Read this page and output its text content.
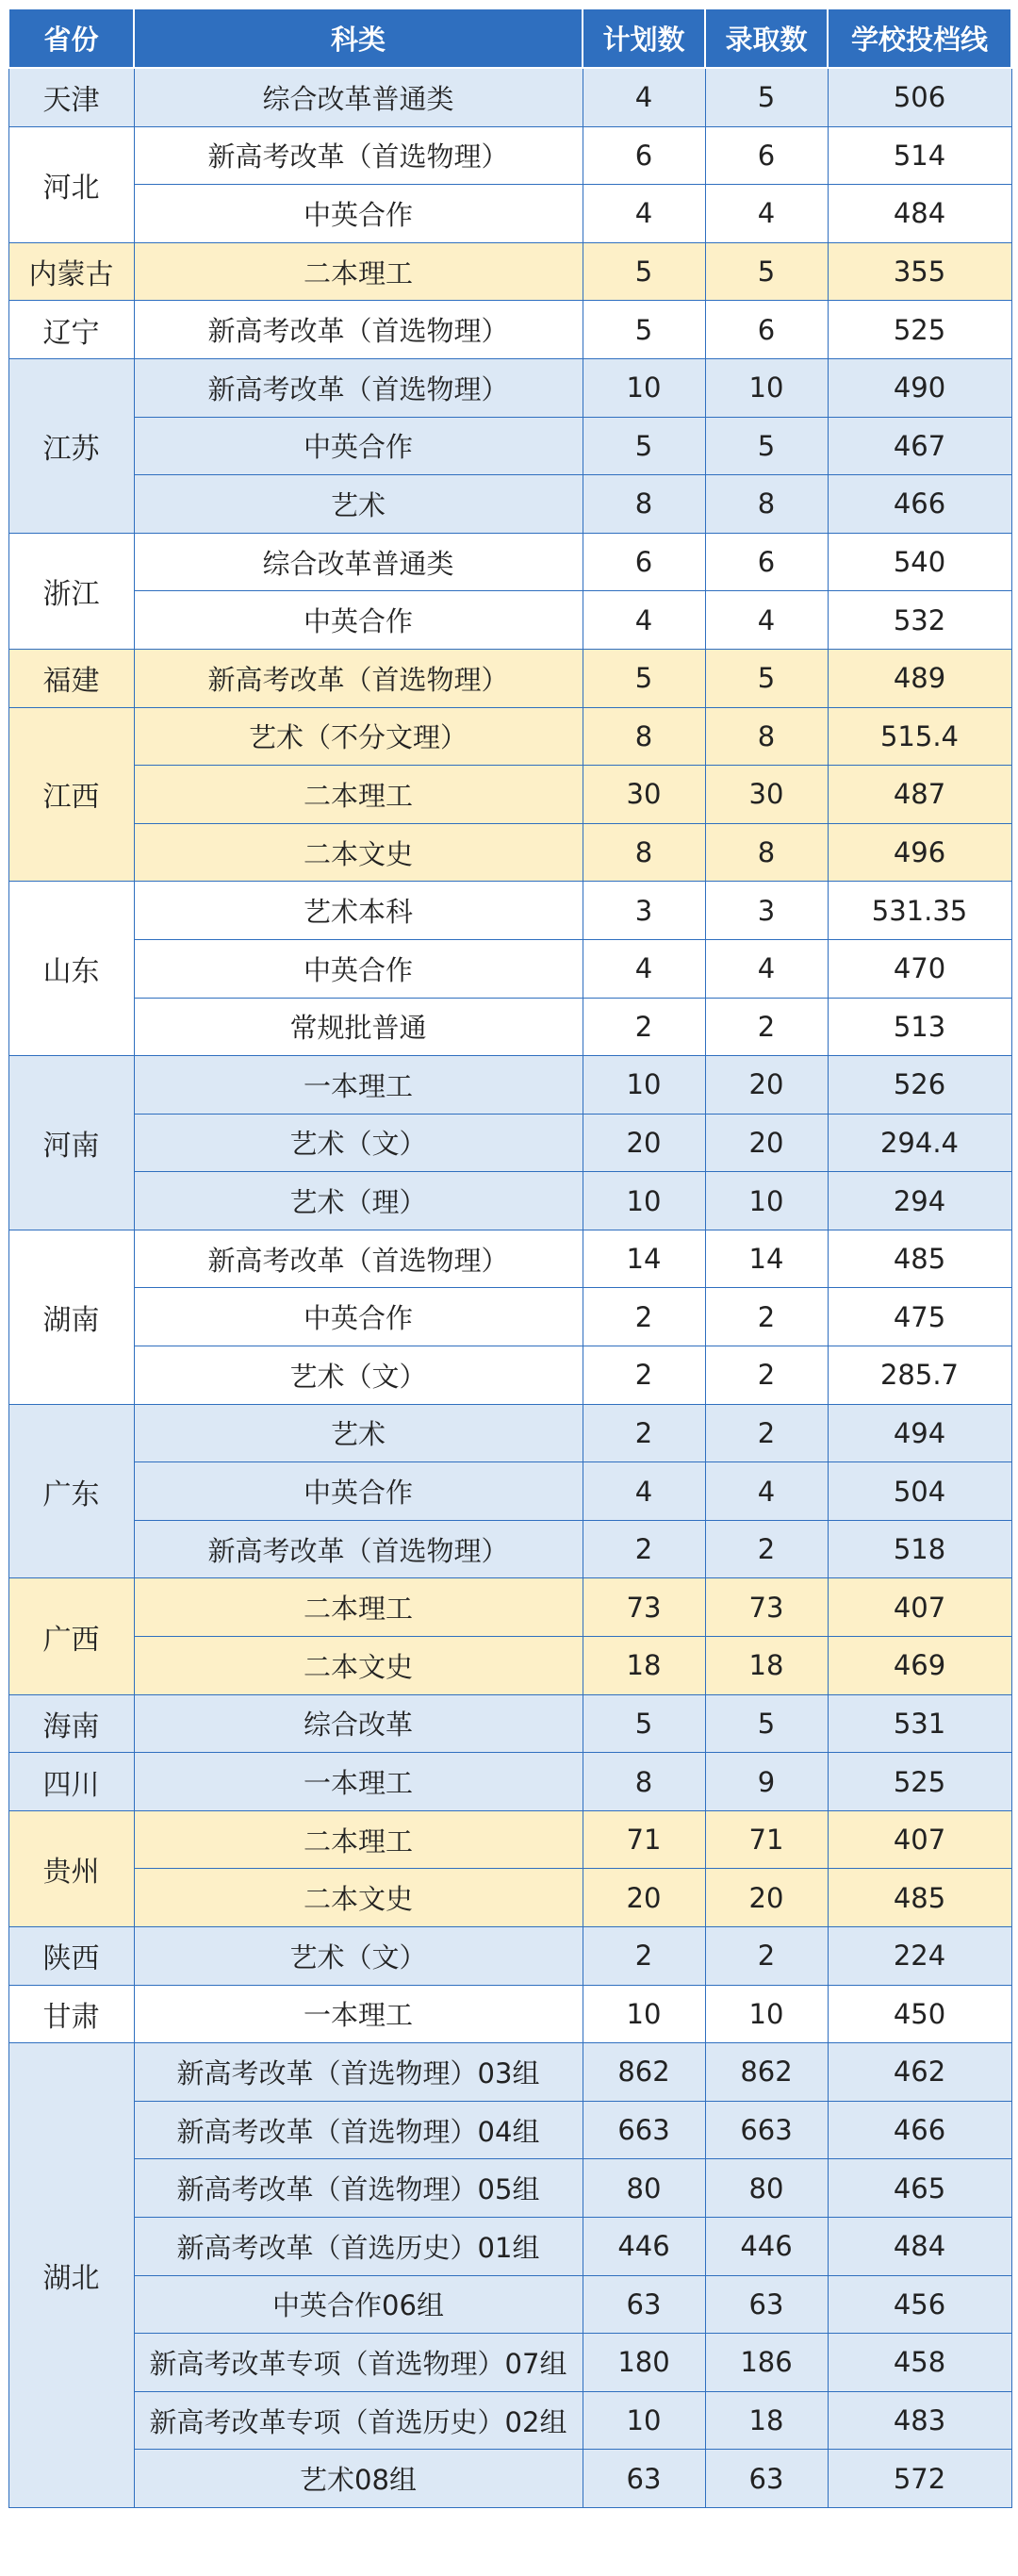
省份	科类	计划数	录取数	学校投档线
天津	综合改革普通类	4	5	506
河北	新高考改革（首选物理）	6	6	514
	中英合作	4	4	484
内蒙古	二本理工	5	5	355
辽宁	新高考改革（首选物理）	5	6	525
江苏	新高考改革（首选物理）	10	10	490
	中英合作	5	5	467
	艺术	8	8	466
浙江	综合改革普通类	6	6	540
	中英合作	4	4	532
福建	新高考改革（首选物理）	5	5	489
江西	艺术（不分文理）	8	8	515.4
	二本理工	30	30	487
	二本文史	8	8	496
山东	艺术本科	3	3	531.35
	中英合作	4	4	470
	常规批普通	2	2	513
河南	一本理工	10	20	526
	艺术（文）	20	20	294.4
	艺术（理）	10	10	294
湖南	新高考改革（首选物理）	14	14	485
	中英合作	2	2	475
	艺术（文）	2	2	285.7
广东	艺术	2	2	494
	中英合作	4	4	504
	新高考改革（首选物理）	2	2	518
广西	二本理工	73	73	407
	二本文史	18	18	469
海南	综合改革	5	5	531
四川	一本理工	8	9	525
贵州	二本理工	71	71	407
	二本文史	20	20	485
陕西	艺术（文）	2	2	224
甘肃	一本理工	10	10	450
湖北	新高考改革（首选物理）03组	862	862	462
	新高考改革（首选物理）04组	663	663	466
	新高考改革（首选物理）05组	80	80	465
	新高考改革（首选历史）01组	446	446	484
	中英合作06组	63	63	456
	新高考改革专项（首选物理）07组	180	186	458
	新高考改革专项（首选历史）02组	10	18	483
	艺术08组	63	63	572
